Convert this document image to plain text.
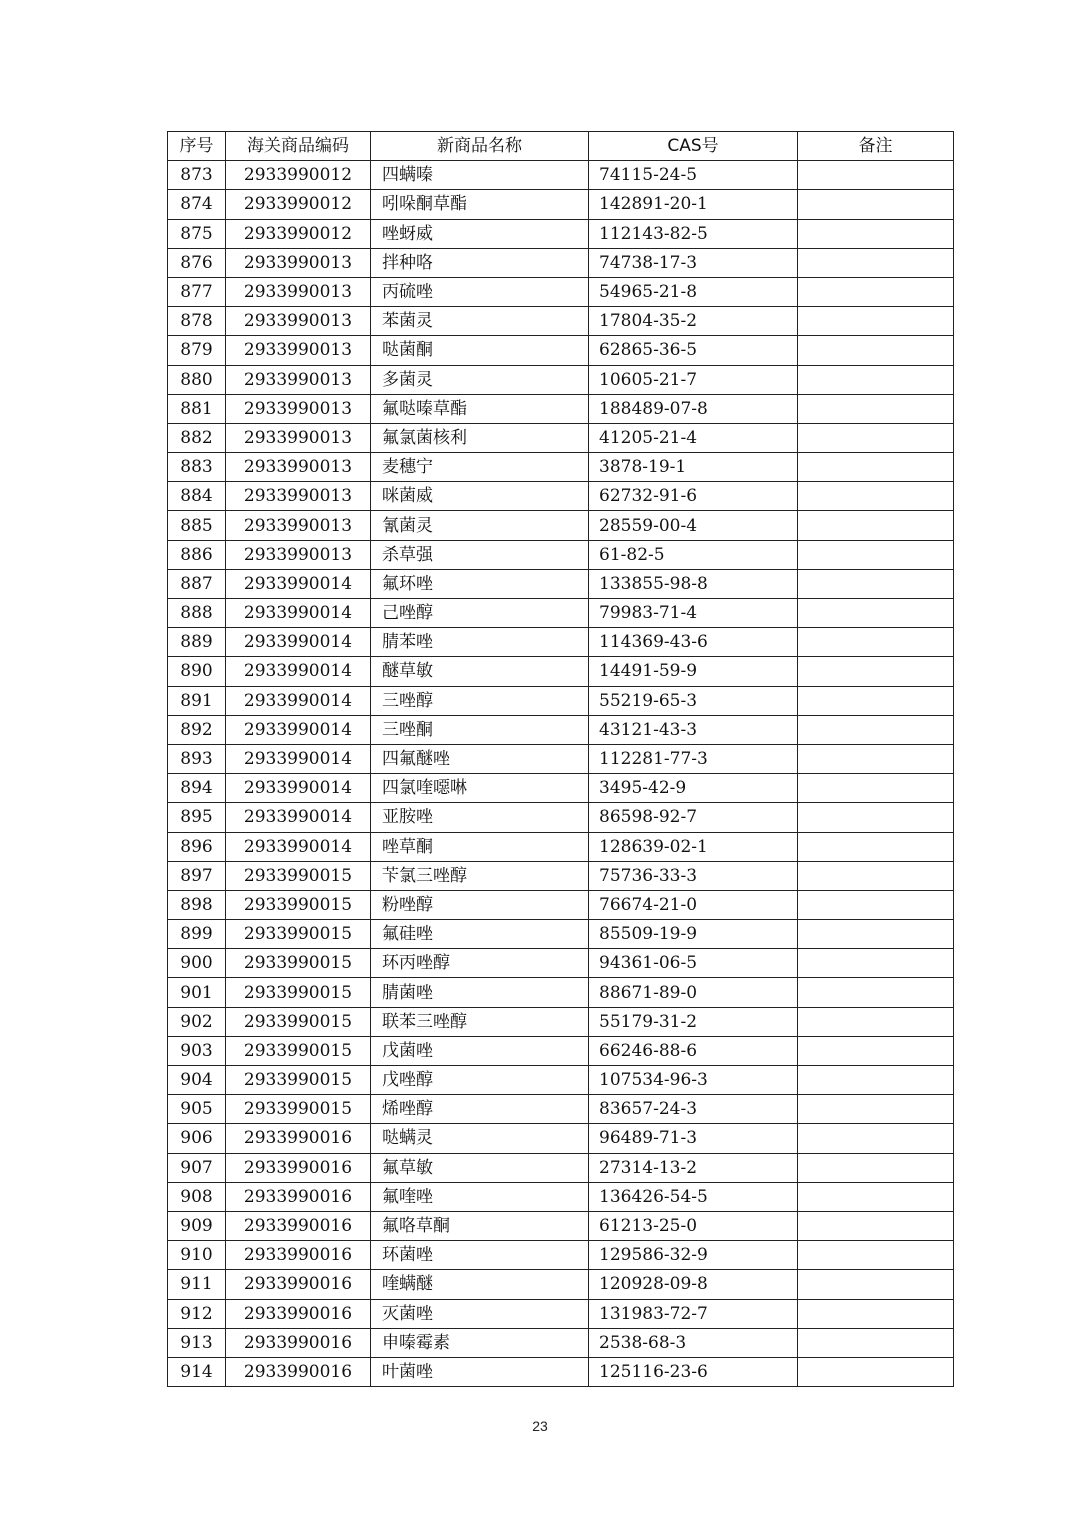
序号	海关商品编码	新商品名称	CAS号	备注
873	2933990012	四螨嗪	74115-24-5	
874	2933990012	吲哚酮草酯	142891-20-1	
875	2933990012	唑蚜威	112143-82-5	
876	2933990013	拌种咯	74738-17-3	
877	2933990013	丙硫唑	54965-21-8	
878	2933990013	苯菌灵	17804-35-2	
879	2933990013	哒菌酮	62865-36-5	
880	2933990013	多菌灵	10605-21-7	
881	2933990013	氟哒嗪草酯	188489-07-8	
882	2933990013	氟氯菌核利	41205-21-4	
883	2933990013	麦穗宁	3878-19-1	
884	2933990013	咪菌威	62732-91-6	
885	2933990013	氰菌灵	28559-00-4	
886	2933990013	杀草强	61-82-5	
887	2933990014	氟环唑	133855-98-8	
888	2933990014	己唑醇	79983-71-4	
889	2933990014	腈苯唑	114369-43-6	
890	2933990014	醚草敏	14491-59-9	
891	2933990014	三唑醇	55219-65-3	
892	2933990014	三唑酮	43121-43-3	
893	2933990014	四氟醚唑	112281-77-3	
894	2933990014	四氯喹噁啉	3495-42-9	
895	2933990014	亚胺唑	86598-92-7	
896	2933990014	唑草酮	128639-02-1	
897	2933990015	苄氯三唑醇	75736-33-3	
898	2933990015	粉唑醇	76674-21-0	
899	2933990015	氟硅唑	85509-19-9	
900	2933990015	环丙唑醇	94361-06-5	
901	2933990015	腈菌唑	88671-89-0	
902	2933990015	联苯三唑醇	55179-31-2	
903	2933990015	戊菌唑	66246-88-6	
904	2933990015	戊唑醇	107534-96-3	
905	2933990015	烯唑醇	83657-24-3	
906	2933990016	哒螨灵	96489-71-3	
907	2933990016	氟草敏	27314-13-2	
908	2933990016	氟喹唑	136426-54-5	
909	2933990016	氟咯草酮	61213-25-0	
910	2933990016	环菌唑	129586-32-9	
911	2933990016	喹螨醚	120928-09-8	
912	2933990016	灭菌唑	131983-72-7	
913	2933990016	申嗪霉素	2538-68-3	
914	2933990016	叶菌唑	125116-23-6	
23
